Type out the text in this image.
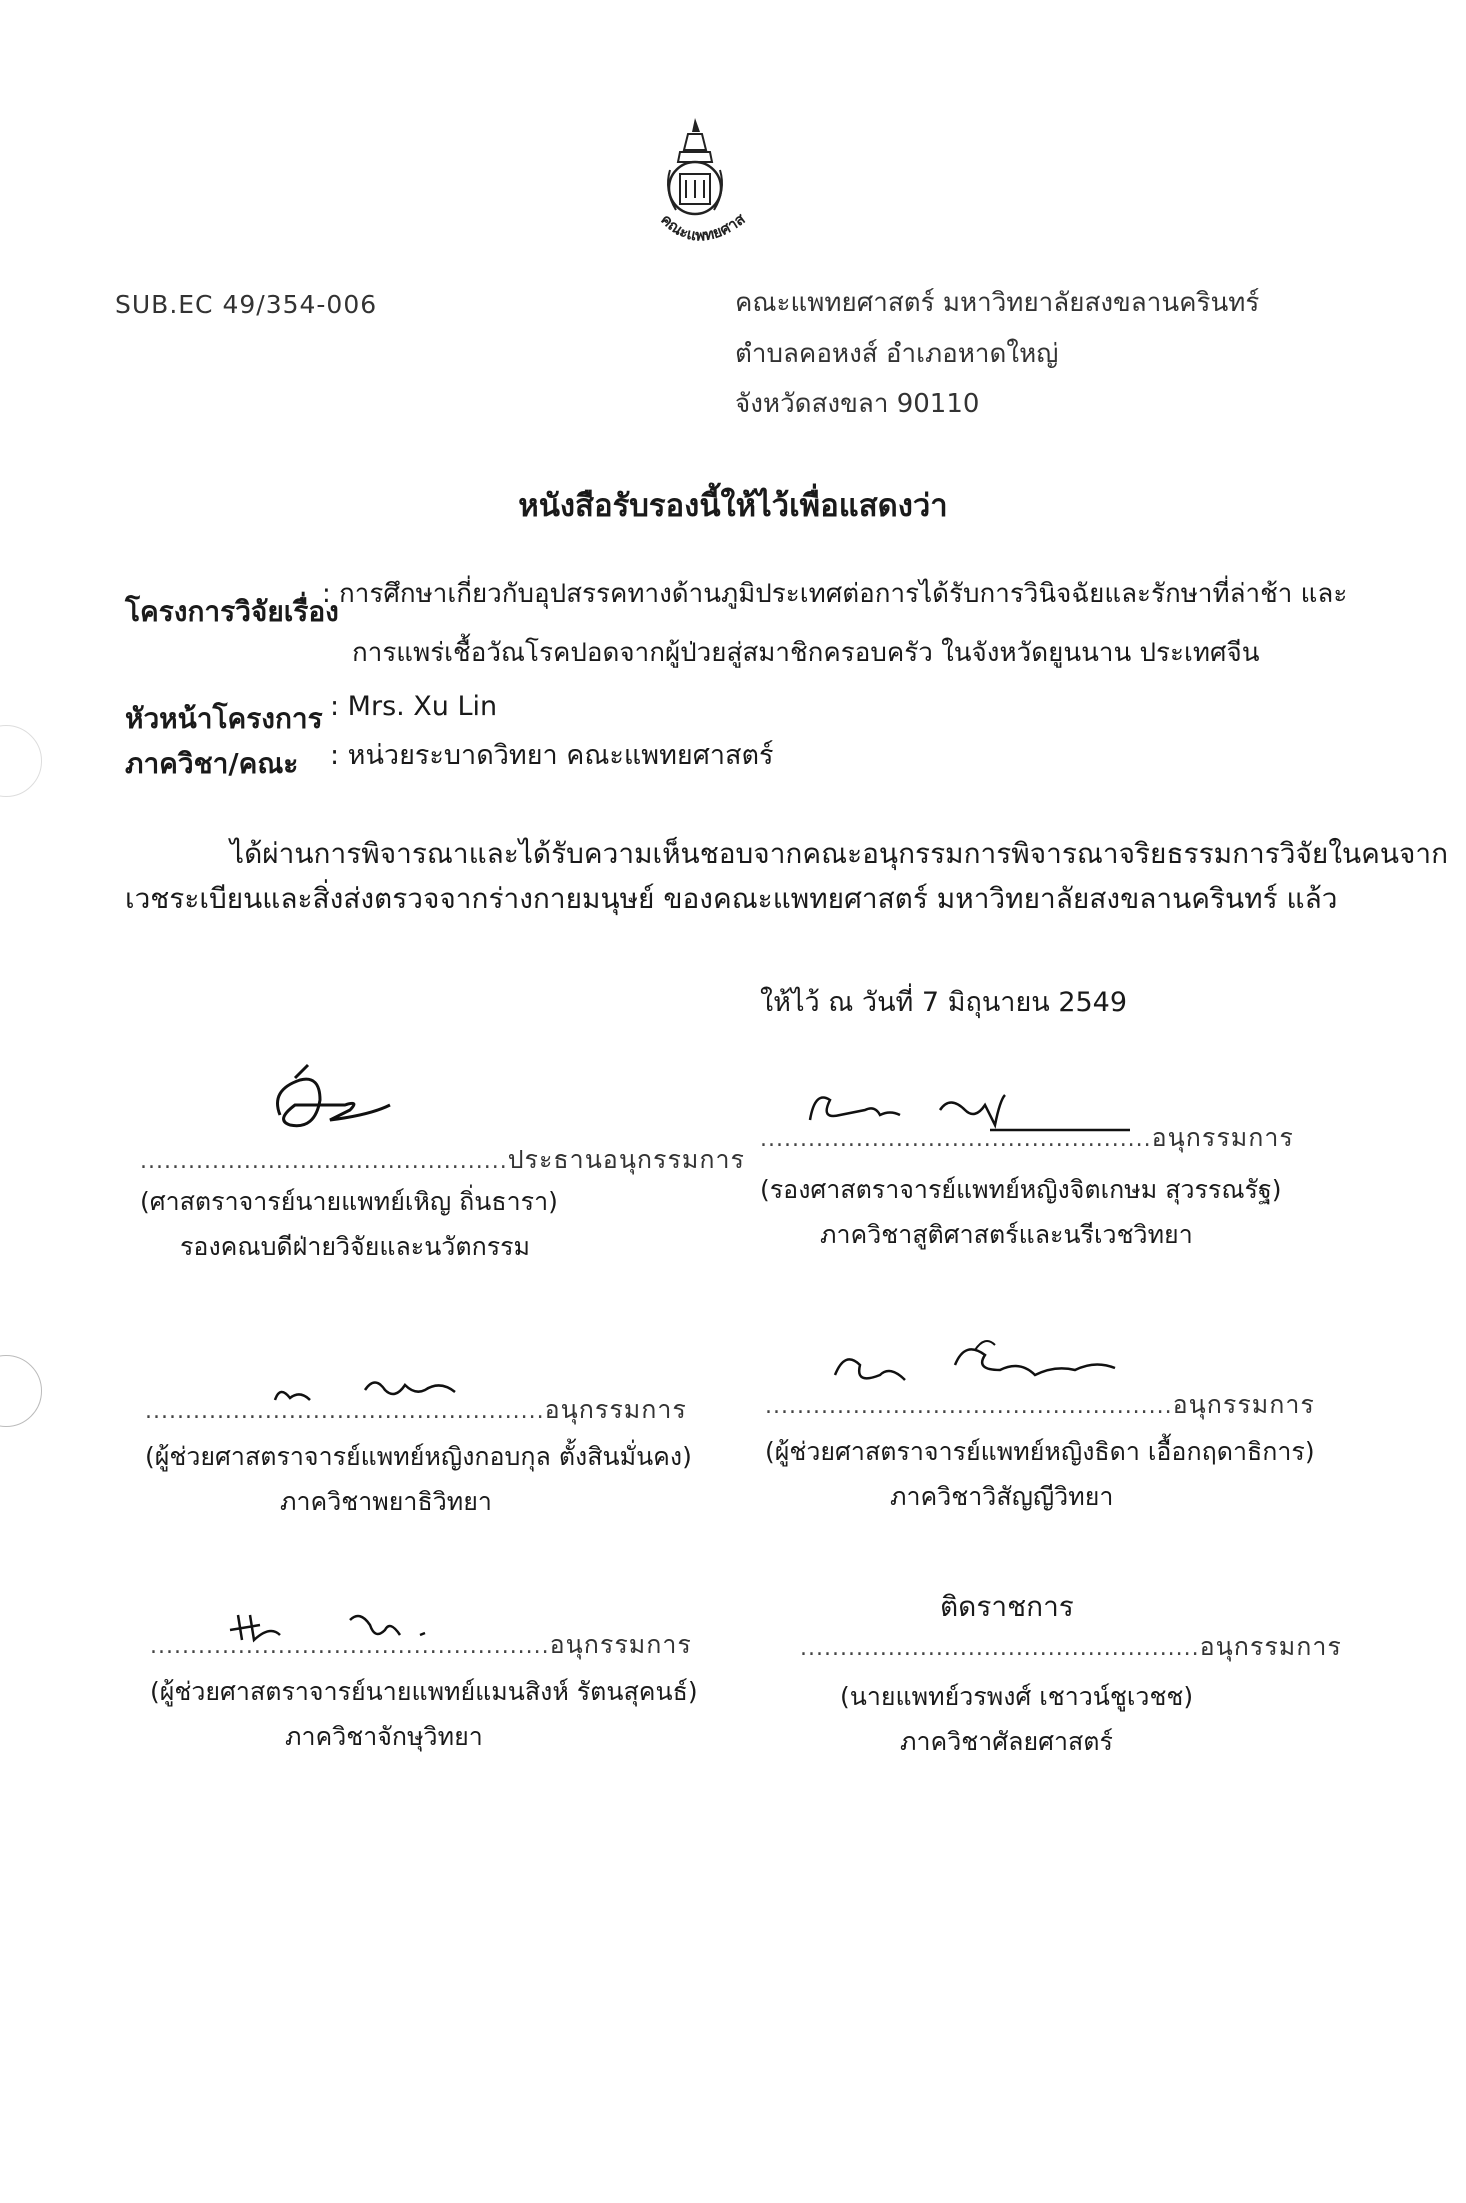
คณะแพทยศาส
SUB.EC 49/354-006	คณะแพทยศาสตร์ มหาวิทยาลัยสงขลานครินทร์
ตำบลคอหงส์ อำเภอหาดใหญ่
จังหวัดสงขลา 90110
หนังสือรับรองนี้ให้ไว้เพื่อแสดงว่า
โครงการวิจัยเรื่อง
: การศึกษาเกี่ยวกับอุปสรรคทางด้านภูมิประเทศต่อการได้รับการวินิจฉัยและรักษาที่ล่าช้า และ
การแพร่เชื้อวัณโรคปอดจากผู้ป่วยสู่สมาชิกครอบครัว ในจังหวัดยูนนาน ประเทศจีน
หัวหน้าโครงการ : Mrs. Xu Lin
ภาควิชา/คณะ : หน่วยระบาดวิทยา คณะแพทยศาสตร์
ได้ผ่านการพิจารณาและได้รับความเห็นชอบจากคณะอนุกรรมการพิจารณาจริยธรรมการวิจัยในคนจาก
เวชระเบียนและสิ่งส่งตรวจจากร่างกายมนุษย์ ของคณะแพทยศาสตร์ มหาวิทยาลัยสงขลานครินทร์ แล้ว
ให้ไว้ ณ วันที่ 7 มิถุนายน 2549
..............................................ประธานอนุกรรมการ
(ศาสตราจารย์นายแพทย์เหิญ ถิ่นธารา)
รองคณบดีฝ่ายวิจัยและนวัตกรรม
.................................................อนุกรรมการ
(รองศาสตราจารย์แพทย์หญิงจิตเกษม สุวรรณรัฐ)
ภาควิชาสูติศาสตร์และนรีเวชวิทยา
..................................................อนุกรรมการ
(ผู้ช่วยศาสตราจารย์แพทย์หญิงกอบกุล ตั้งสินมั่นคง)
ภาควิชาพยาธิวิทยา
...................................................อนุกรรมการ
(ผู้ช่วยศาสตราจารย์แพทย์หญิงธิดา เอื้อกฤดาธิการ)
ภาควิชาวิสัญญีวิทยา
..................................................อนุกรรมการ
(ผู้ช่วยศาสตราจารย์นายแพทย์แมนสิงห์ รัตนสุคนธ์)
ภาควิชาจักษุวิทยา
ติดราชการ
..................................................อนุกรรมการ
(นายแพทย์วรพงศ์ เชาวน์ชูเวชช)
ภาควิชาศัลยศาสตร์
